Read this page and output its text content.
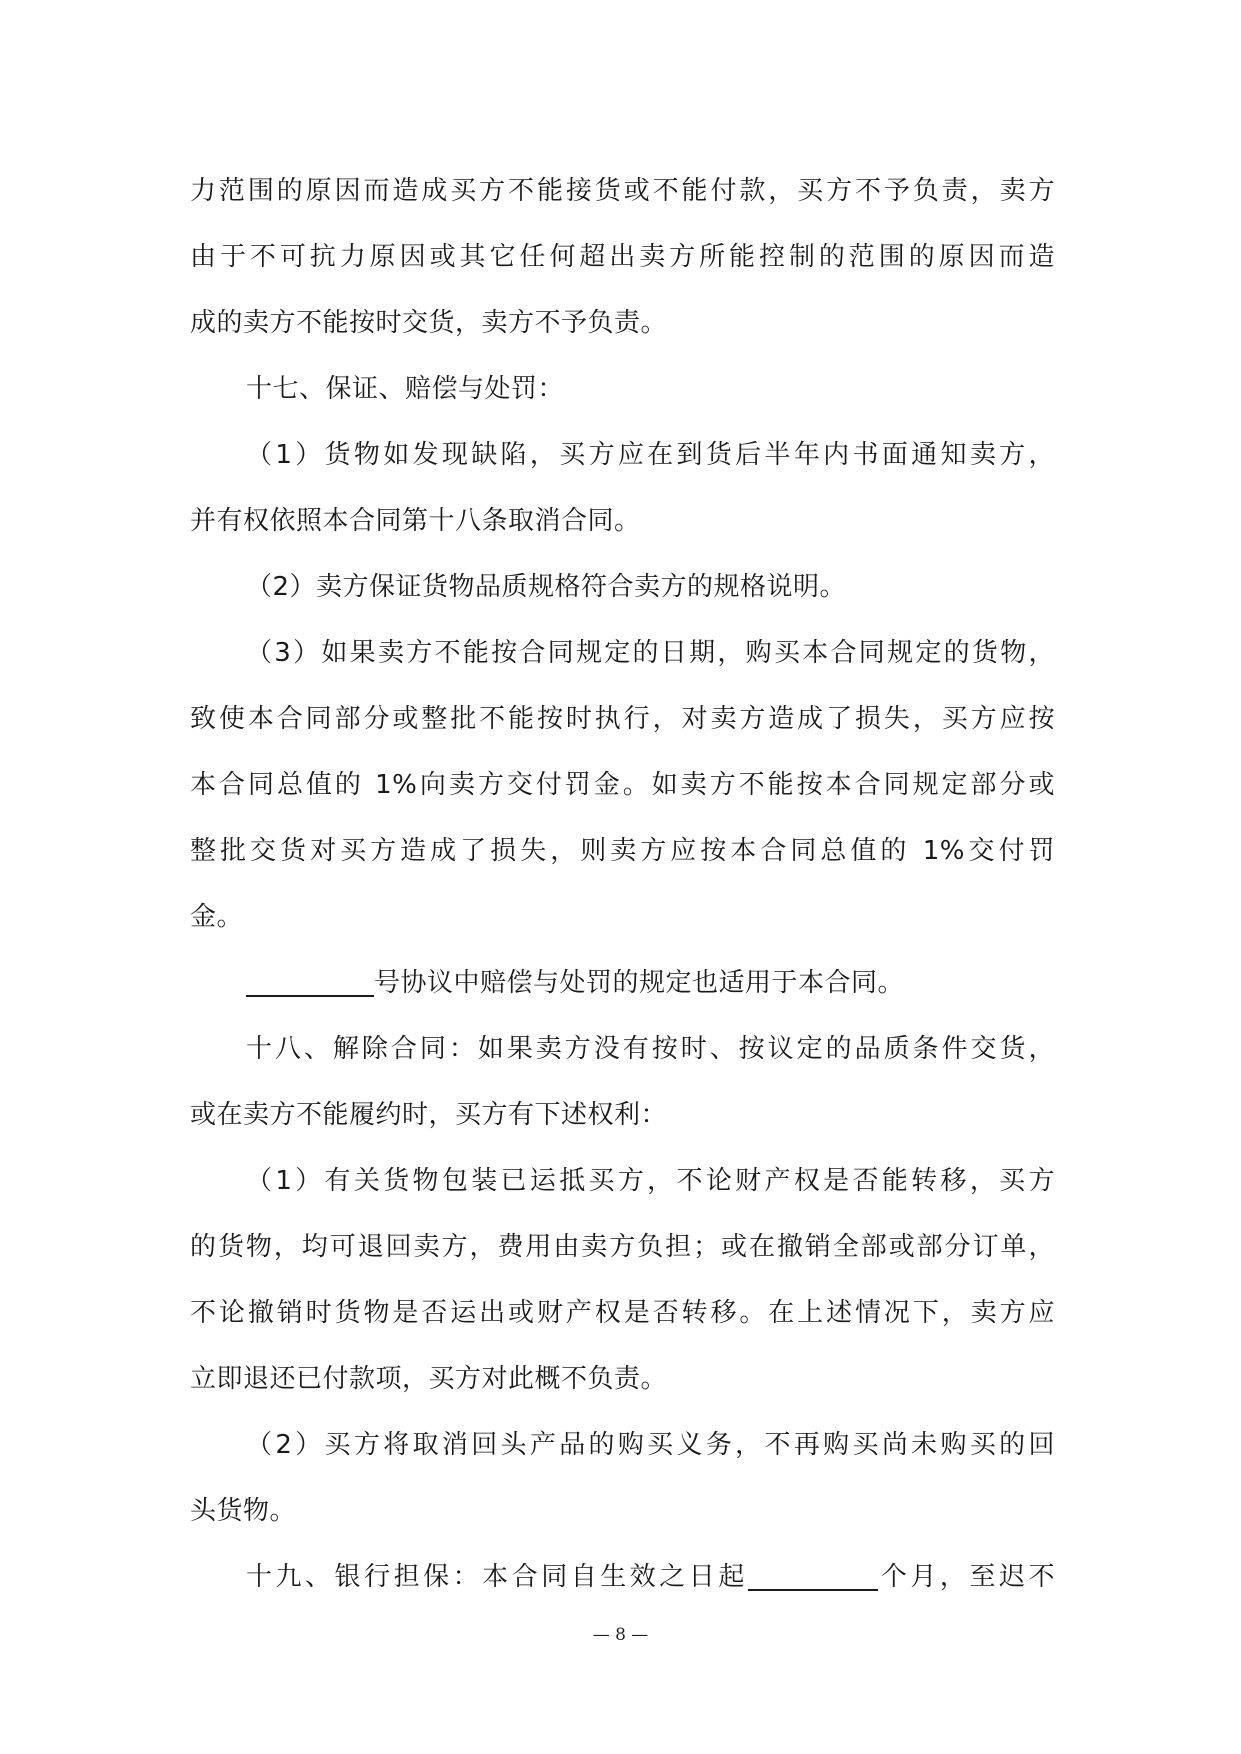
力范围的原因而造成买方不能接货或不能付款，买方不予负责，卖方
由于不可抗力原因或其它任何超出卖方所能控制的范围的原因而造
成的卖方不能按时交货，卖方不予负责。
十七、保证、赔偿与处罚：
（1）货物如发现缺陷，买方应在到货后半年内书面通知卖方，
并有权依照本合同第十八条取消合同。
（2）卖方保证货物品质规格符合卖方的规格说明。
（3）如果卖方不能按合同规定的日期，购买本合同规定的货物，
致使本合同部分或整批不能按时执行，对卖方造成了损失，买方应按
本合同总值的 1%向卖方交付罚金。如卖方不能按本合同规定部分或
整批交货对买方造成了损失，则卖方应按本合同总值的 1%交付罚
金。
号协议中赔偿与处罚的规定也适用于本合同。
十八、解除合同：如果卖方没有按时、按议定的品质条件交货，
或在卖方不能履约时，买方有下述权利：
（1）有关货物包装已运抵买方，不论财产权是否能转移，买方
的货物，均可退回卖方，费用由卖方负担；或在撤销全部或部分订单，
不论撤销时货物是否运出或财产权是否转移。在上述情况下，卖方应
立即退还已付款项，买方对此概不负责。
（2）买方将取消回头产品的购买义务，不再购买尚未购买的回
头货物。
十九、银行担保：本合同自生效之日起	个月，至迟不
— 8 —
